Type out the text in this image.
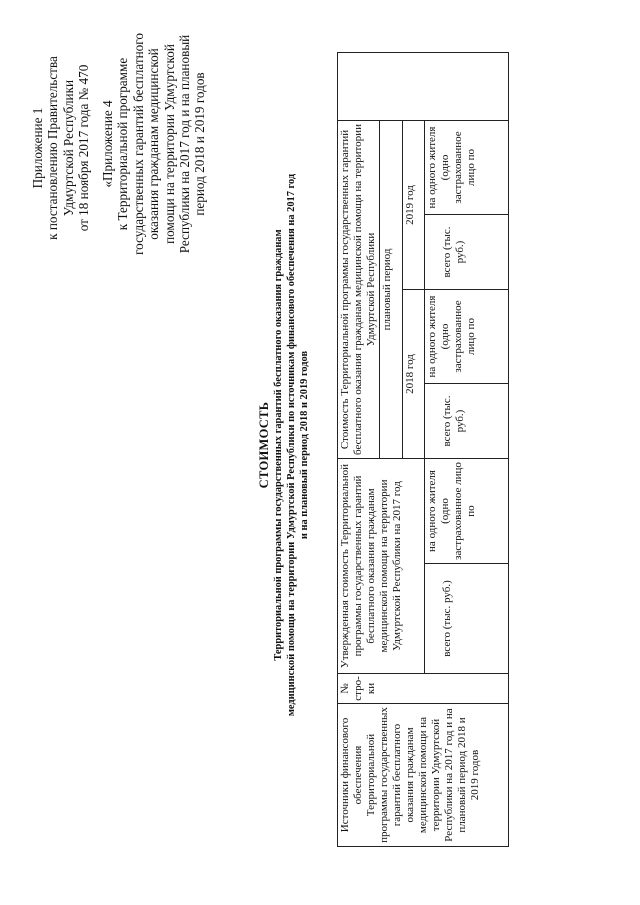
Приложение 1 к постановлению Правительства Удмуртской Республики от 18 ноября 2017 года № 470 «Приложение 4 к Территориальной программе государственных гарантий бесплатного оказания гражданам медицинской помощи на территории Удмуртской Республики на 2017 год и на плановый период 2018 и 2019 годов
СТОИМОСТЬ Территориальной программы государственных гарантий бесплатного оказания гражданам медицинской помощи на территории Удмуртской Республики по источникам финансового обеспечения на 2017 год и на плановый период 2018 и 2019 годов
Источники финансового обеспечения Территориальной программы государственных гарантий бесплатного оказания гражданам медицинской помощи на территории Удмуртской Республики на 2017 год и на плановый период 2018 и 2019 годов	№ стро-ки	Утвержденная стоимость Территориальной программы государственных гарантий бесплатного оказания гражданам медицинской помощи на территории Удмуртской Республики на 2017 год		Стоимость Территориальной программы государственных гарантий бесплатного оказания гражданам медицинской помощи на территории Удмуртской Республики				
				плановый период				
				2018 год		2019 год		
		всего (тыс. руб.)	на одного жителя (одно застрахованное лицо по	всего (тыс. руб.)	на одного жителя (одно застрахованное лицо по	всего (тыс. руб.)	на одного жителя (одно застрахованное лицо по	
